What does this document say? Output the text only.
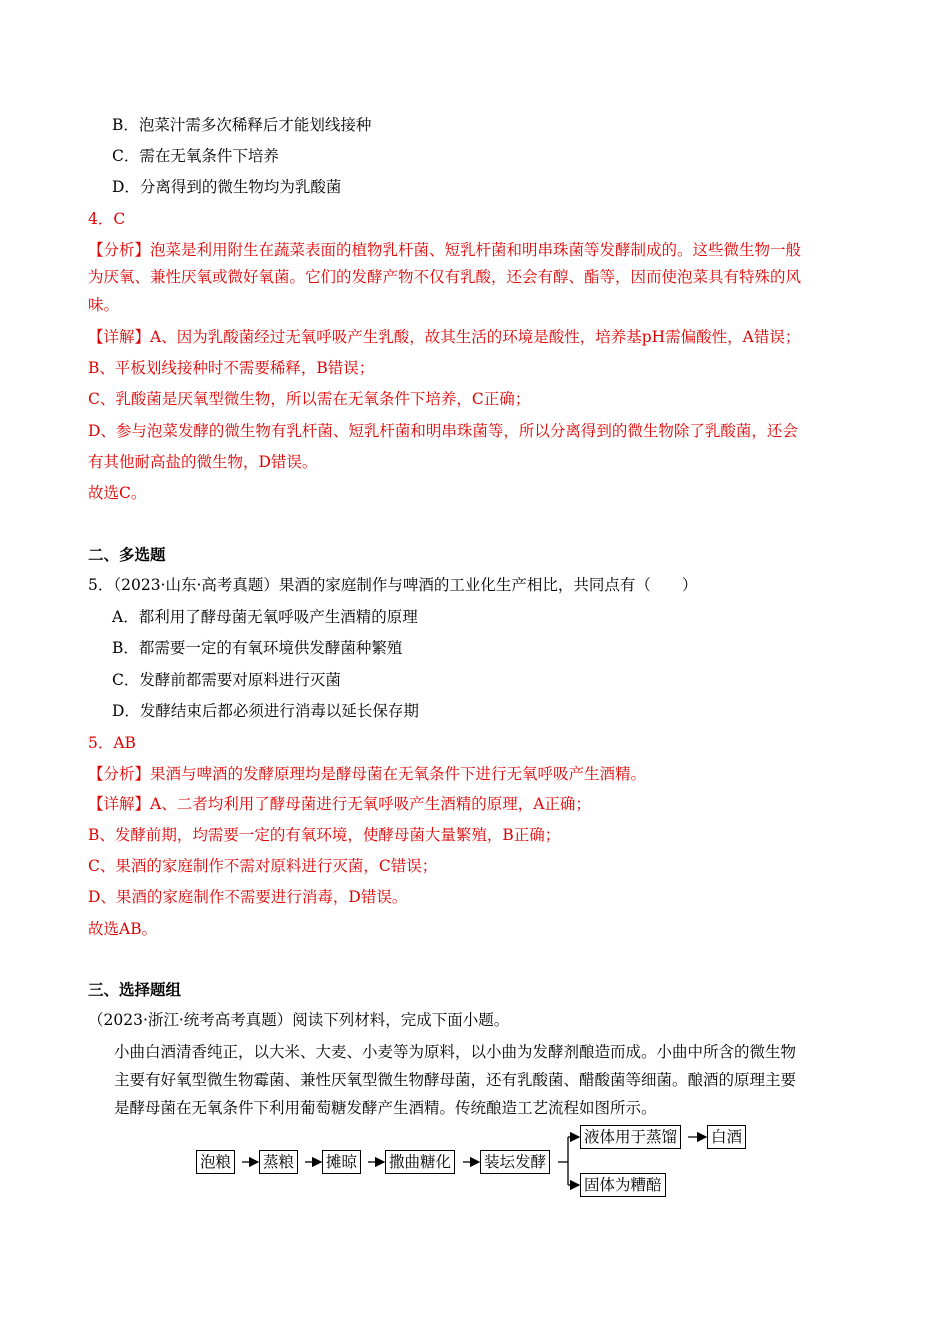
B．泡菜汁需多次稀释后才能划线接种
C．需在无氧条件下培养
D．分离得到的微生物均为乳酸菌
4．C
【分析】泡菜是利用附生在蔬菜表面的植物乳杆菌、短乳杆菌和明串珠菌等发酵制成的。这些微生物一般
为厌氧、兼性厌氧或微好氧菌。它们的发酵产物不仅有乳酸，还会有醇、酯等，因而使泡菜具有特殊的风
味。
【详解】A、因为乳酸菌经过无氧呼吸产生乳酸，故其生活的环境是酸性，培养基pH需偏酸性，A错误；
B、平板划线接种时不需要稀释，B错误；
C、乳酸菌是厌氧型微生物，所以需在无氧条件下培养，C正确；
D、参与泡菜发酵的微生物有乳杆菌、短乳杆菌和明串珠菌等，所以分离得到的微生物除了乳酸菌，还会
有其他耐高盐的微生物，D错误。
故选C。
二、多选题
5．（2023·山东·高考真题）果酒的家庭制作与啤酒的工业化生产相比，共同点有（　　）
A．都利用了酵母菌无氧呼吸产生酒精的原理
B．都需要一定的有氧环境供发酵菌种繁殖
C．发酵前都需要对原料进行灭菌
D．发酵结束后都必须进行消毒以延长保存期
5．AB
【分析】果酒与啤酒的发酵原理均是酵母菌在无氧条件下进行无氧呼吸产生酒精。
【详解】A、二者均利用了酵母菌进行无氧呼吸产生酒精的原理，A正确；
B、发酵前期，均需要一定的有氧环境，使酵母菌大量繁殖，B正确；
C、果酒的家庭制作不需对原料进行灭菌，C错误；
D、果酒的家庭制作不需要进行消毒，D错误。
故选AB。
三、选择题组
（2023·浙江·统考高考真题）阅读下列材料，完成下面小题。
小曲白酒清香纯正，以大米、大麦、小麦等为原料，以小曲为发酵剂酿造而成。小曲中所含的微生物
主要有好氧型微生物霉菌、兼性厌氧型微生物酵母菌，还有乳酸菌、醋酸菌等细菌。酿酒的原理主要
是酵母菌在无氧条件下利用葡萄糖发酵产生酒精。传统酿造工艺流程如图所示。
泡粮 蒸粮 摊晾 撒曲糖化 装坛发酵
液体用于蒸馏 白酒
固体为糟醅
